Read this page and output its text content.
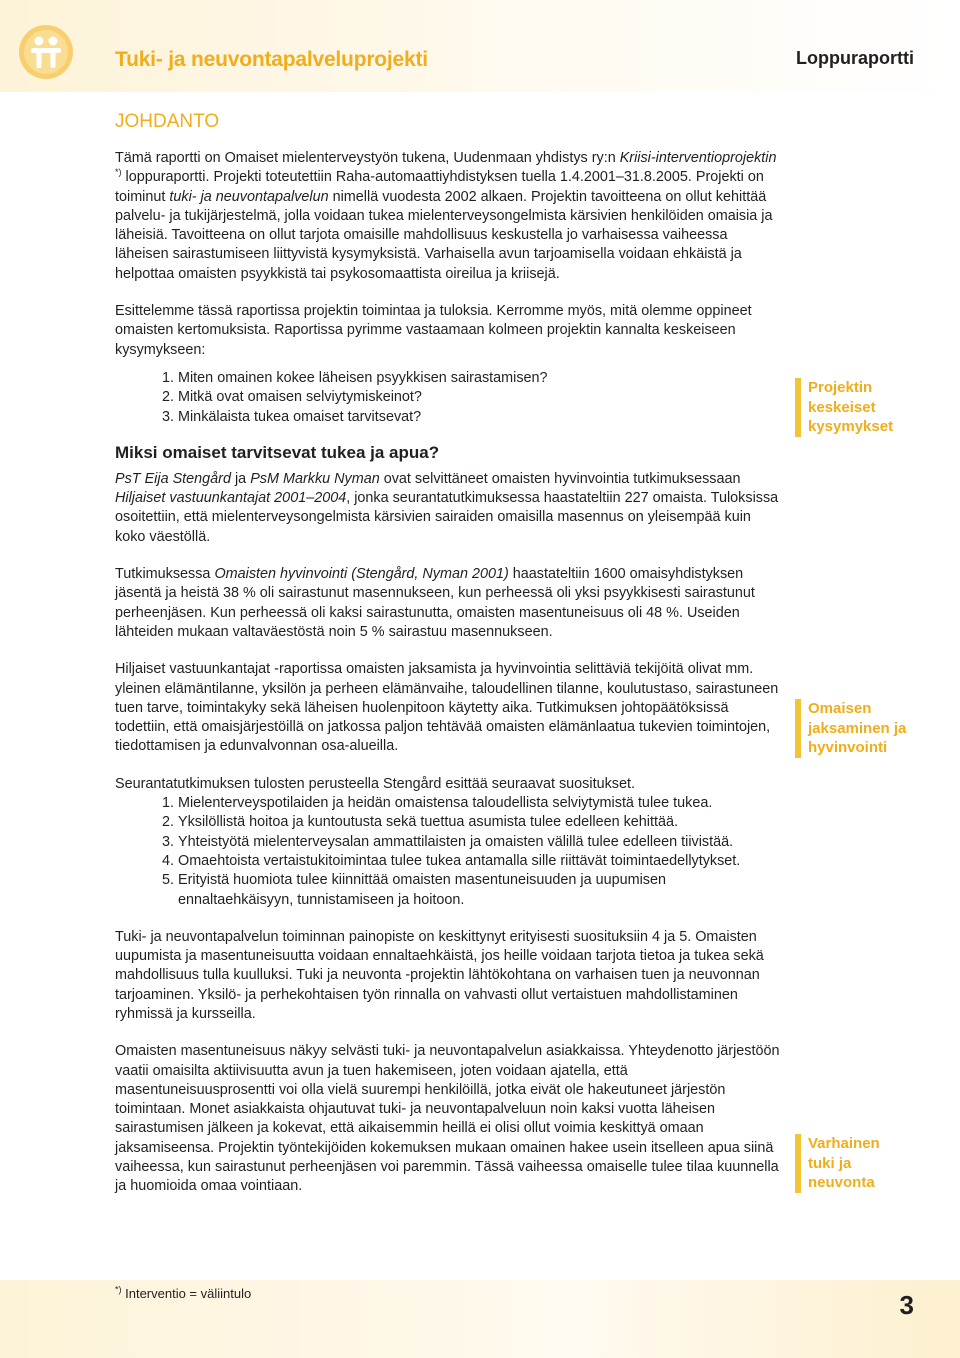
Tuki- ja neuvontapalveluprojekti	Loppuraportti
JOHDANTO

Tämä raportti on Omaiset mielenterveystyön tukena, Uudenmaan yhdistys ry:n Kriisi-interventioprojektin *) loppuraportti. Projekti toteutettiin Raha-automaattiyhdistyksen tuella 1.4.2001–31.8.2005. Projekti on toiminut tuki- ja neuvontapalvelun nimellä vuodesta 2002 alkaen. Projektin tavoitteena on ollut kehittää palvelu- ja tukijärjestelmä, jolla voidaan tukea mielenterveysongelmista kärsivien henkilöiden omaisia ja läheisiä. Tavoitteena on ollut tarjota omaisille mahdollisuus keskustella jo varhaisessa vaiheessa läheisen sairastumiseen liittyvistä kysymyksistä. Varhaisella avun tarjoamisella voidaan ehkäistä ja helpottaa omaisten psyykkistä tai psykosomaattista oireilua ja kriisejä.

Esittelemme tässä raportissa projektin toimintaa ja tuloksia. Kerromme myös, mitä olemme oppineet omaisten kertomuksista. Raportissa pyrimme vastaamaan kolmeen projektin kannalta keskeiseen kysymykseen:

1. Miten omainen kokee läheisen psyykkisen sairastamisen?
2. Mitkä ovat omaisen selviytymiskeinot?
3. Minkälaista tukea omaiset tarvitsevat?
Miksi omaiset tarvitsevat tukea ja apua?

PsT Eija Stengård ja PsM Markku Nyman ovat selvittäneet omaisten hyvinvointia tutkimuksessaan Hiljaiset vastuunkantajat 2001–2004, jonka seurantatutkimuksessa haastateltiin 227 omaista. Tuloksissa osoitettiin, että mielenterveysongelmista kärsivien sairaiden omaisilla masennus on yleisempää kuin koko väestöllä.

Tutkimuksessa Omaisten hyvinvointi (Stengård, Nyman 2001) haastateltiin 1600 omaisyhdistyksen jäsentä ja heistä 38 % oli sairastunut masennukseen, kun perheessä oli yksi psyykkisesti sairastunut perheenjäsen. Kun perheessä oli kaksi sairastunutta, omaisten masentuneisuus oli 48 %. Useiden lähteiden mukaan valtaväestöstä noin 5 % sairastuu masennukseen.

Hiljaiset vastuunkantajat -raportissa omaisten jaksamista ja hyvinvointia selittäviä tekijöitä olivat mm. yleinen elämäntilanne, yksilön ja perheen elämänvaihe, taloudellinen tilanne, koulutustaso, sairastuneen tuen tarve, toimintakyky sekä läheisen huolenpitoon käytetty aika. Tutkimuksen johtopäätöksissä todettiin, että omaisjärjestöillä on jatkossa paljon tehtävää omaisten elämänlaatua tukevien toimintojen, tiedottamisen ja edunvalvonnan osa-alueilla.

Seurantatutkimuksen tulosten perusteella Stengård esittää seuraavat suositukset.

1. Mielenterveyspotilaiden ja heidän omaistensa taloudellista selviytymistä tulee tukea.
2. Yksilöllistä hoitoa ja kuntoutusta sekä tuettua asumista tulee edelleen kehittää.
3. Yhteistyötä mielenterveysalan ammattilaisten ja omaisten välillä tulee edelleen tiivistää.
4. Omaehtoista vertaistukitoimintaa tulee tukea antamalla sille riittävät toimintaedellytykset.
5. Erityistä huomiota tulee kiinnittää omaisten masentuneisuuden ja uupumisen ennaltaehkäisyyn, tunnistamiseen ja hoitoon.

Tuki- ja neuvontapalvelun toiminnan painopiste on keskittynyt erityisesti suosituksiin 4 ja 5. Omaisten uupumista ja masentuneisuutta voidaan ennaltaehkäistä, jos heille voidaan tarjota tietoa ja tukea sekä mahdollisuus tulla kuulluksi. Tuki ja neuvonta -projektin lähtökohtana on varhaisen tuen ja neuvonnan tarjoaminen. Yksilö- ja perhekohtaisen työn rinnalla on vahvasti ollut vertaistuen mahdollistaminen ryhmissä ja kursseilla.

Omaisten masentuneisuus näkyy selvästi tuki- ja neuvontapalvelun asiakkaissa. Yhteydenotto järjestöön vaatii omaisilta aktiivisuutta avun ja tuen hakemiseen, joten voidaan ajatella, että masentuneisuusprosentti voi olla vielä suurempi henkilöillä, jotka eivät ole hakeutuneet järjestön toimintaan. Monet asiakkaista ohjautuvat tuki- ja neuvontapalveluun noin kaksi vuotta läheisen sairastumisen jälkeen ja kokevat, että aikaisemmin heillä ei olisi ollut voimia keskittyä omaan jaksamiseensa. Projektin työntekijöiden kokemuksen mukaan omainen hakee usein itselleen apua siinä vaiheessa, kun sairastunut perheenjäsen voi paremmin. Tässä vaiheessa omaiselle tulee tilaa kuunnella ja huomioida omaa vointiaan.

Projektin
keskeiset
kysymykset
Omaisen
jaksaminen ja
hyvinvointi
Varhainen
tuki ja
neuvonta
*) Interventio = väliintulo	3
